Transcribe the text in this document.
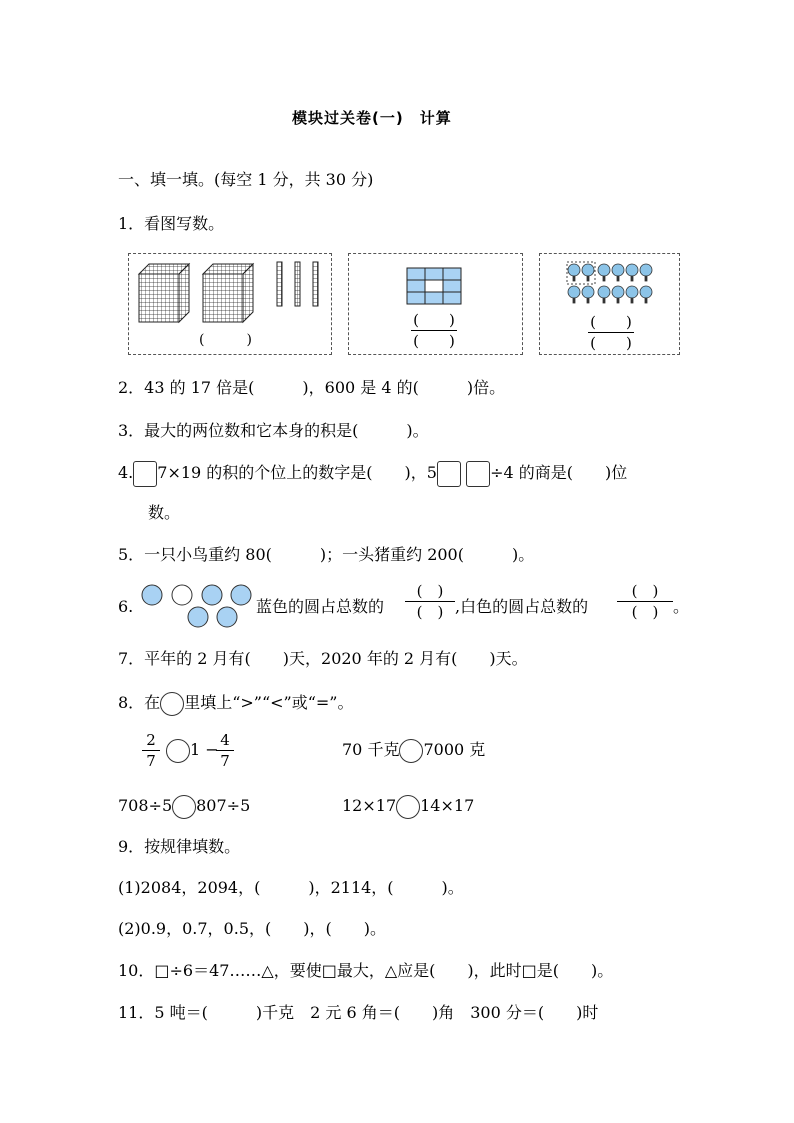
模块过关卷(一)　计算
一、填一填。(每空 1 分，共 30 分)
1．看图写数。
(　　　)
(　　)
(　　)
(　　)
(　　)
2．43 的 17 倍是(　　　)，600 是 4 的(　　　)倍。
3．最大的两位数和它本身的积是(　　　)。
4. 7×19 的积的个位上的数字是(　　)，5	÷4 的商是(　　)位
数。
5．一只小鸟重约 80(　　　)；一头猪重约 200(　　　)。
6.	蓝色的圆占总数的
(　)
(　) ,白色的圆占总数的
(　)
(　) 。
7．平年的 2 月有(　　)天，2020 年的 2 月有(　　)天。
8．在 里填上“>”“<”或“=”。
2
7
1 − 4
7
70 千克 7000 克
708÷5 807÷5	12×17 14×17
9．按规律填数。
(1)2084，2094，(　　　)，2114，(　　　)。
(2)0.9，0.7，0.5，(　　)，(　　)。
10．□÷6＝47……△，要使□最大，△应是(　　)，此时□是(　　)。
11．5 吨＝(　　　)千克　2 元 6 角＝(　　)角　300 分＝(　　)时
